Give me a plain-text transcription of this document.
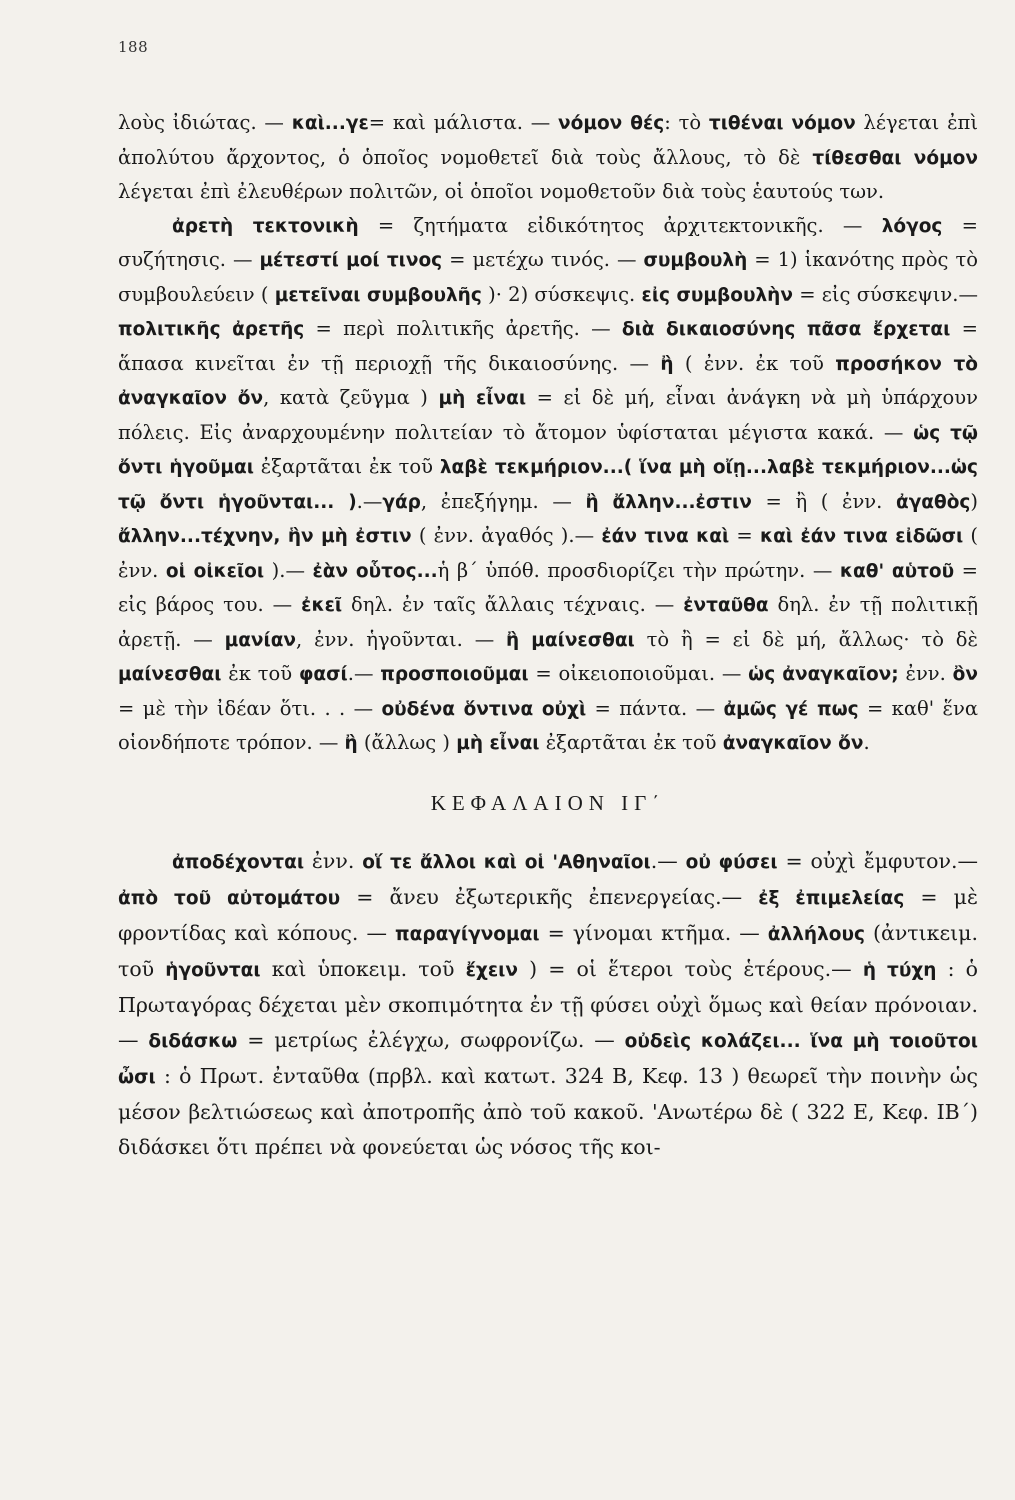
188

λοὺς ἰδιώτας. — καὶ...γε= καὶ μάλιστα. — νόμον θές: τὸ τιθέναι νόμον λέγεται ἐπὶ ἀπολύτου ἄρχοντος, ὁ ὁποῖος νομοθετεῖ διὰ τοὺς ἄλλους, τὸ δὲ τίθεσθαι νόμον λέγεται ἐπὶ ἐλευθέρων πολιτῶν, οἱ ὁποῖοι νομοθετοῦν διὰ τοὺς ἑαυτούς των.

ἀρετὴ τεκτονικὴ = ζητήματα εἰδικότητος ἀρχιτεκτονικῆς. — λόγος = συζήτησις. — μέτεστί μοί τινος = μετέχω τινός. — συμβουλὴ = 1) ἱκανότης πρὸς τὸ συμβουλεύειν ( μετεῖναι συμβουλῆς )· 2) σύσκεψις. εἰς συμβουλὴν = εἰς σύσκεψιν.— πολιτικῆς ἀρετῆς = περὶ πολιτικῆς ἀρετῆς. — διὰ δικαιοσύνης πᾶσα ἔρχεται = ἅπασα κινεῖται ἐν τῇ περιοχῇ τῆς δικαιοσύνης. — ἢ ( ἐνν. ἐκ τοῦ προσήκον τὸ ἀναγκαῖον ὄν, κατὰ ζεῦγμα ) μὴ εἶναι = εἰ δὲ μή, εἶναι ἀνάγκη νὰ μὴ ὑπάρχουν πόλεις. Εἰς ἀναρχουμένην πολιτείαν τὸ ἄτομον ὑφίσταται μέγιστα κακά. — ὡς τῷ ὄντι ἡγοῦμαι ἐξαρτᾶται ἐκ τοῦ λαβὲ τεκμήριον...( ἵνα μὴ οἴῃ...λαβὲ τεκμήριον...ὡς τῷ ὄντι ἡγοῦνται... ).—γάρ, ἐπεξήγημ. — ἢ ἄλλην...ἐστιν = ἢ ( ἐνν. ἀγαθὸς) ἄλλην...τέχνην, ἣν μὴ ἐστιν ( ἐνν. ἀγαθός ).— ἐάν τινα καὶ = καὶ ἐάν τινα εἰδῶσι ( ἐνν. οἱ οἰκεῖοι ).— ἐὰν οὗτος...ἡ β΄ ὑπόθ. προσδιορίζει τὴν πρώτην. — καθ' αὑτοῦ = εἰς βάρος του. — ἐκεῖ δηλ. ἐν ταῖς ἄλλαις τέχναις. — ἐνταῦθα δηλ. ἐν τῇ πολιτικῇ ἀρετῇ. — μανίαν, ἐνν. ἡγοῦνται. — ἢ μαίνεσθαι τὸ ἢ = εἰ δὲ μή, ἄλλως· τὸ δὲ μαίνεσθαι ἐκ τοῦ φασί.— προσποιοῦμαι = οἰκειοποιοῦμαι. — ὡς ἀναγκαῖον; ἐνν. ὂν = μὲ τὴν ἰδέαν ὅτι. . . — οὐδένα ὅντινα οὐχὶ = πάντα. — ἀμῶς γέ πως = καθ' ἕνα οἱονδήποτε τρόπον. — ἢ (ἄλλως ) μὴ εἶναι ἐξαρτᾶται ἐκ τοῦ ἀναγκαῖον ὄν.

ΚΕΦΑΛΑΙΟΝ ΙΓ΄

ἀποδέχονται ἐνν. οἵ τε ἄλλοι καὶ οἱ 'Αθηναῖοι.— οὐ φύσει = οὐχὶ ἔμφυτον.— ἀπὸ τοῦ αὐτομάτου = ἄνευ ἐξωτερικῆς ἐπενεργείας.— ἐξ ἐπιμελείας = μὲ φροντίδας καὶ κόπους. — παραγίγνομαι = γίνομαι κτῆμα. — ἀλλήλους (ἀντικειμ. τοῦ ἡγοῦνται καὶ ὑποκειμ. τοῦ ἔχειν ) = οἱ ἕτεροι τοὺς ἑτέρους.— ἡ τύχη : ὁ Πρωταγόρας δέχεται μὲν σκοπιμότητα ἐν τῇ φύσει οὐχὶ ὅμως καὶ θείαν πρόνοιαν.— διδάσκω = μετρίως ἐλέγχω, σωφρονίζω. — οὐδεὶς κολάζει... ἵνα μὴ τοιοῦτοι ὦσι : ὁ Πρωτ. ἐνταῦθα (πρβλ. καὶ κατωτ. 324 Β, Κεφ. 13 ) θεωρεῖ τὴν ποινὴν ὡς μέσον βελτιώσεως καὶ ἀποτροπῆς ἀπὸ τοῦ κακοῦ. 'Ανωτέρω δὲ ( 322 Ε, Κεφ. ΙΒ΄) διδάσκει ὅτι πρέπει νὰ φονεύεται ὡς νόσος τῆς κοι-
